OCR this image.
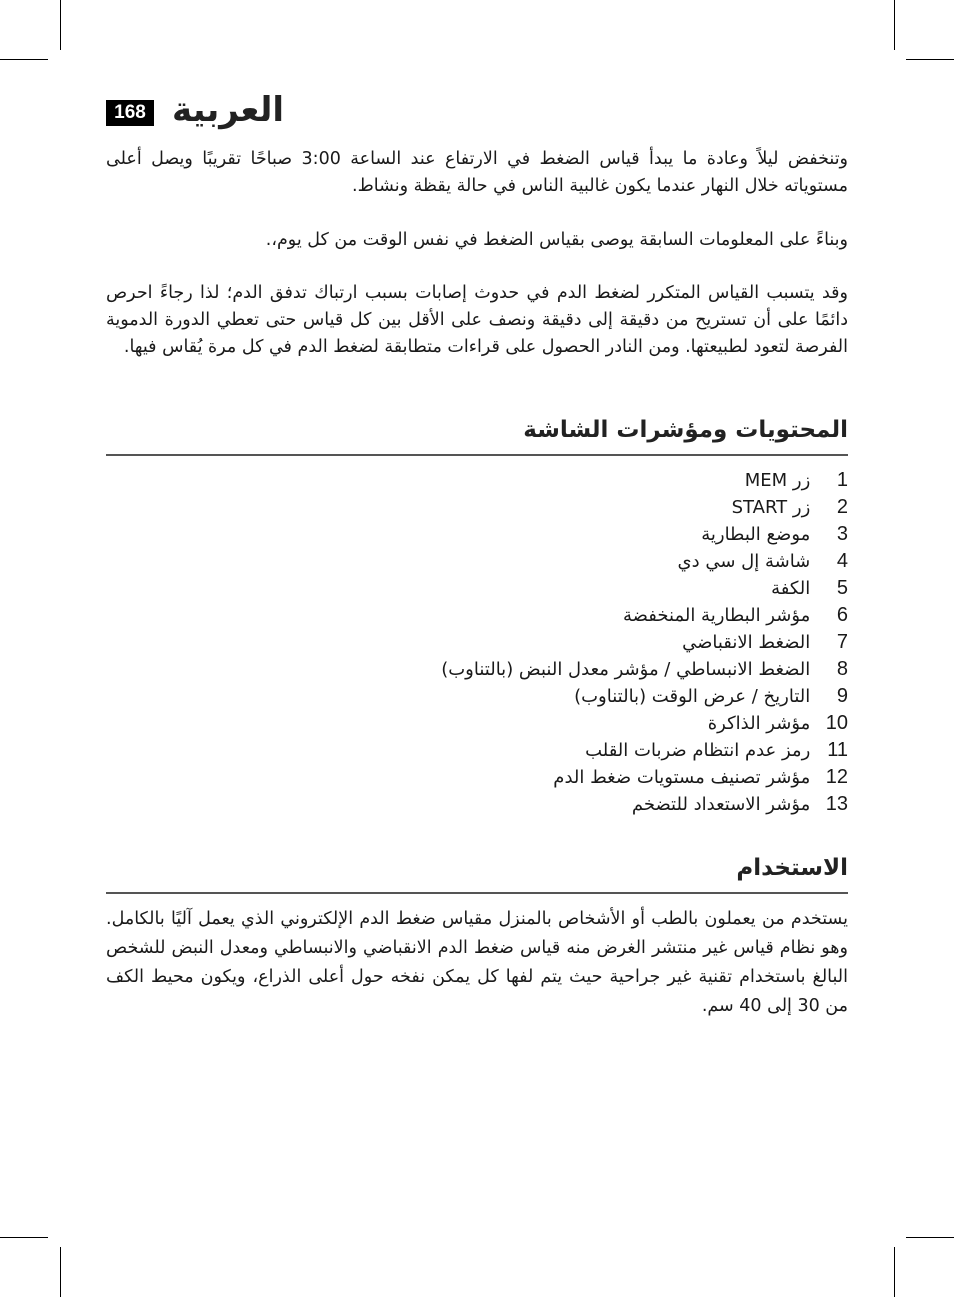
168 العربية

وتنخفض ليلاً وعادة ما يبدأ قياس الضغط في الارتفاع عند الساعة 3:00 صباحًا تقريبًا ويصل أعلى مستوياته خلال النهار عندما يكون غالبية الناس في حالة يقظة ونشاط.

وبناءً على المعلومات السابقة يوصى بقياس الضغط في نفس الوقت من كل يوم،.

وقد يتسبب القياس المتكرر لضغط الدم في حدوث إصابات بسبب ارتباك تدفق الدم؛ لذا رجاءً احرص دائمًا على أن تستريح من دقيقة إلى دقيقة ونصف على الأقل بين كل قياس حتى تعطي الدورة الدموية الفرصة لتعود لطبيعتها. ومن النادر الحصول على قراءات متطابقة لضغط الدم في كل مرة يُقاس فيها.

المحتويات ومؤشرات الشاشة
1 زر MEM
2 زر START
3 موضع البطارية
4 شاشة إل سي دي
5 الكفة
6 مؤشر البطارية المنخفضة
7 الضغط الانقباضي
8 الضغط الانبساطي / مؤشر معدل النبض (بالتناوب)
9 التاريخ / عرض الوقت (بالتناوب)
10 مؤشر الذاكرة
11 رمز عدم انتظام ضربات القلب
12 مؤشر تصنيف مستويات ضغط الدم
13 مؤشر الاستعداد للتضخم
الاستخدام

يستخدم من يعملون بالطب أو الأشخاص بالمنزل مقياس ضغط الدم الإلكتروني الذي يعمل آليًا بالكامل. وهو نظام قياس غير منتشر الغرض منه قياس ضغط الدم الانقباضي والانبساطي ومعدل النبض للشخص البالغ باستخدام تقنية غير جراحية حيث يتم لفها كل يمكن نفخه حول أعلى الذراع، ويكون محيط الكف من 30 إلى 40 سم.
